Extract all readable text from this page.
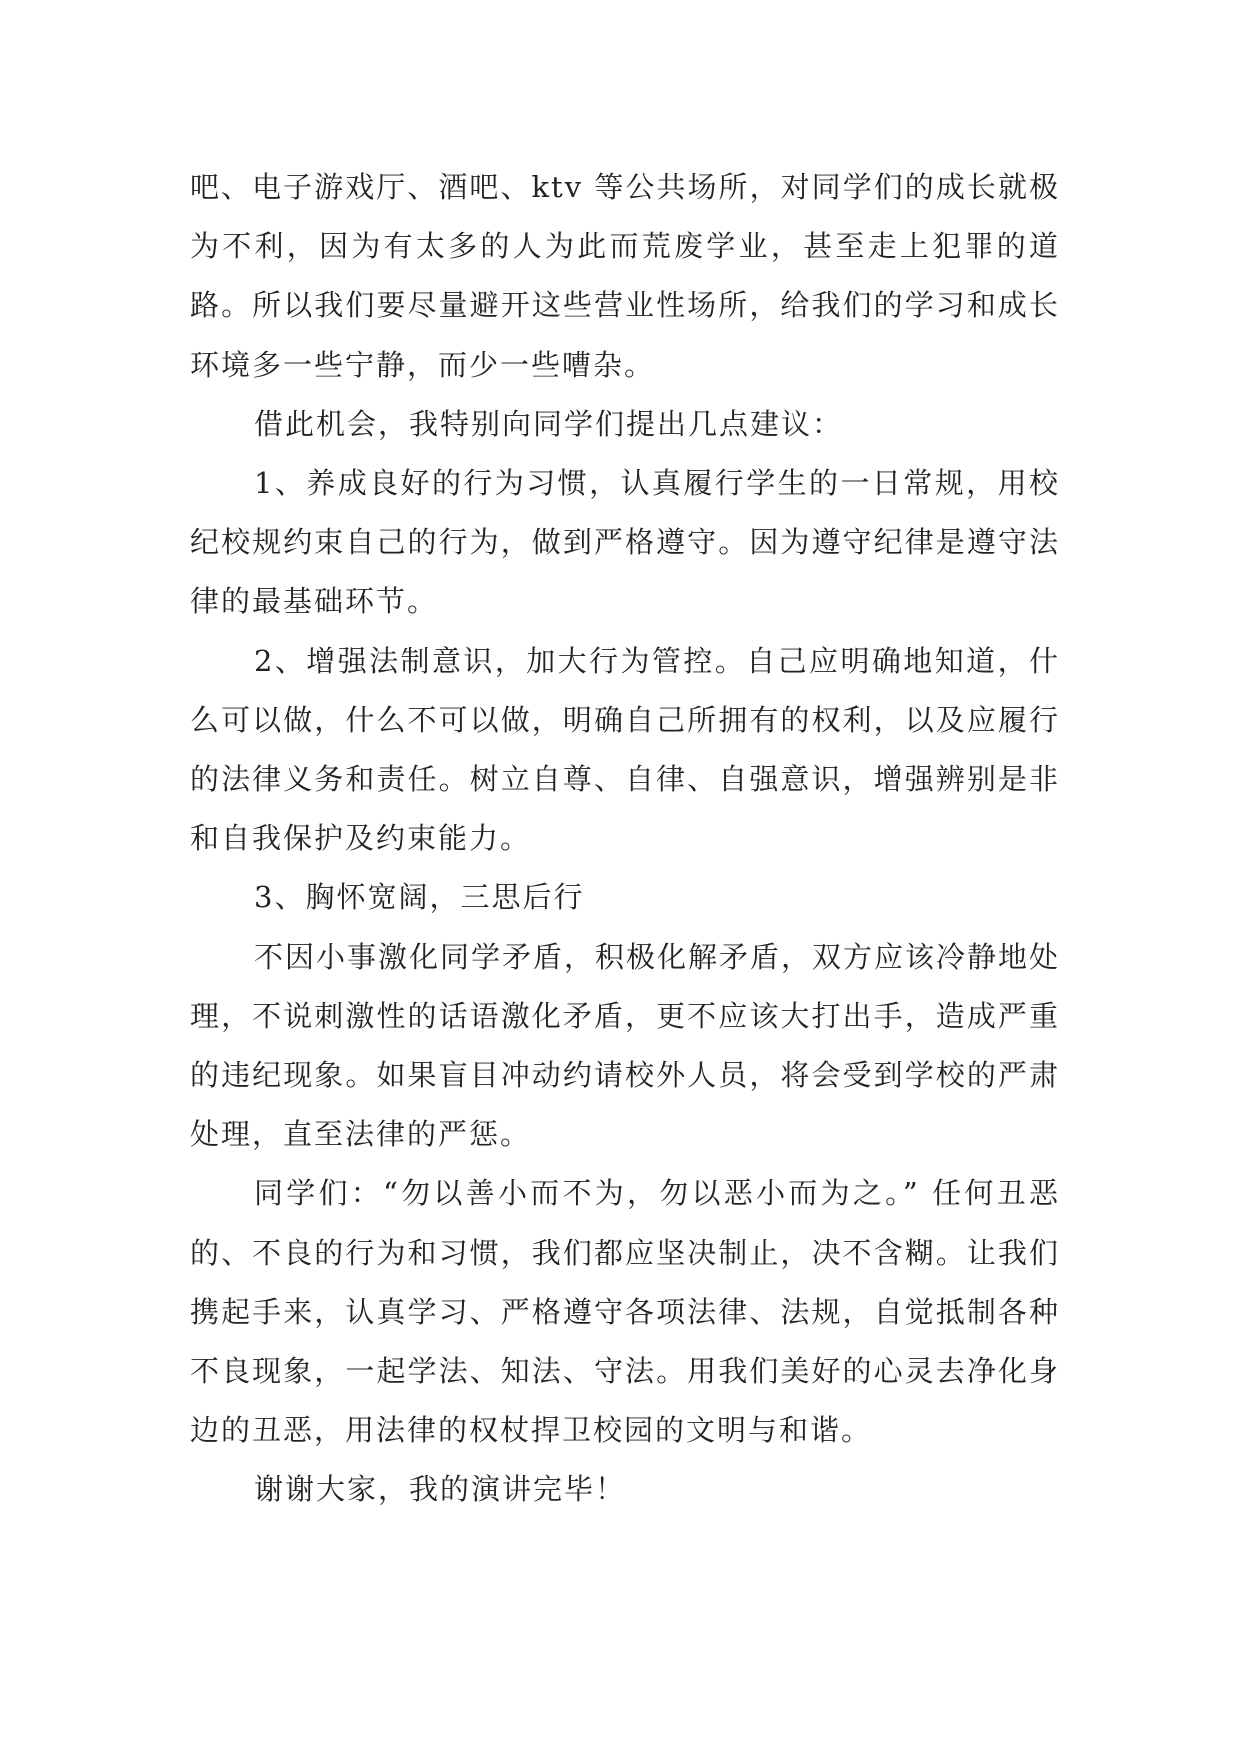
吧、电子游戏厅、酒吧、ktv 等公共场所，对同学们的成长就极为不利，因为有太多的人为此而荒废学业，甚至走上犯罪的道路。所以我们要尽量避开这些营业性场所，给我们的学习和成长环境多一些宁静，而少一些嘈杂。

借此机会，我特别向同学们提出几点建议：

1、养成良好的行为习惯，认真履行学生的一日常规，用校纪校规约束自己的行为，做到严格遵守。因为遵守纪律是遵守法律的最基础环节。

2、增强法制意识，加大行为管控。自己应明确地知道，什么可以做，什么不可以做，明确自己所拥有的权利，以及应履行的法律义务和责任。树立自尊、自律、自强意识，增强辨别是非和自我保护及约束能力。

3、胸怀宽阔，三思后行

不因小事激化同学矛盾，积极化解矛盾，双方应该冷静地处理，不说刺激性的话语激化矛盾，更不应该大打出手，造成严重的违纪现象。如果盲目冲动约请校外人员，将会受到学校的严肃处理，直至法律的严惩。

同学们：“勿以善小而不为，勿以恶小而为之。” 任何丑恶的、不良的行为和习惯，我们都应坚决制止，决不含糊。让我们携起手来，认真学习、严格遵守各项法律、法规，自觉抵制各种不良现象，一起学法、知法、守法。用我们美好的心灵去净化身边的丑恶，用法律的权杖捍卫校园的文明与和谐。

谢谢大家，我的演讲完毕！
